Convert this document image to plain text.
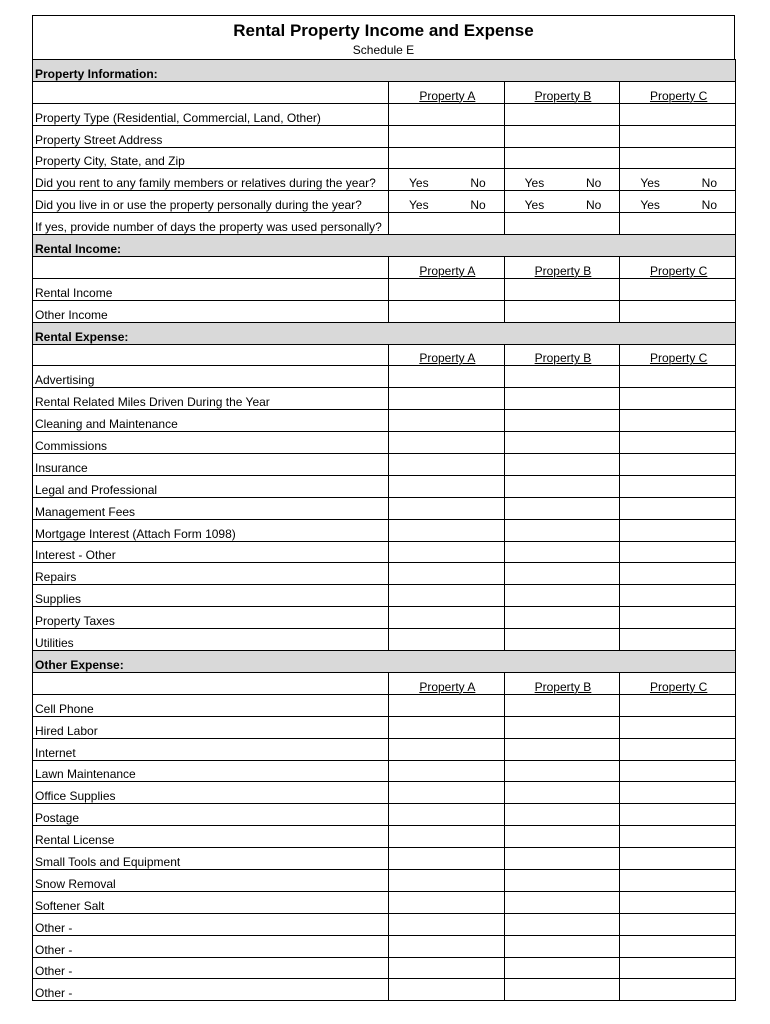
Rental Property Income and Expense
Schedule E
Property Information:			
	Property A	Property B	Property C
Property Type (Residential, Commercial, Land, Other)			
Property Street Address			
Property City, State, and Zip			
Did you rent to any family members or relatives during the year?	Yes No	Yes No	Yes No

Did you live in or use the property personally during the year?	Yes No	Yes No	Yes No

If yes, provide number of days the property was used personally?			
Rental Income:			
	Property A	Property B	Property C
Rental Income			
Other Income			
Rental Expense:			
	Property A	Property B	Property C
Advertising			
Rental Related Miles Driven During the Year			
Cleaning and Maintenance			
Commissions			
Insurance			
Legal and Professional			
Management Fees			
Mortgage Interest (Attach Form 1098)			
Interest - Other			
Repairs			
Supplies			
Property Taxes			
Utilities			
Other Expense:			
	Property A	Property B	Property C
Cell Phone			
Hired Labor			
Internet			
Lawn Maintenance			
Office Supplies			
Postage			
Rental License			
Small Tools and Equipment			
Snow Removal			
Softener Salt			
Other -			
Other -			
Other -			
Other -			
